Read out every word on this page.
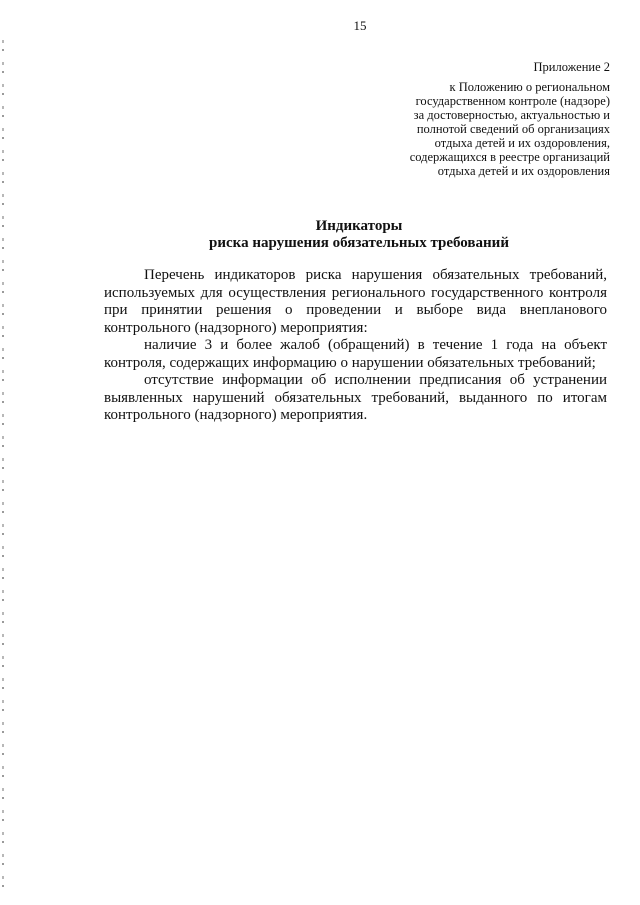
15
Приложение 2
к Положению о региональном
государственном контроле (надзоре)
за достоверностью, актуальностью и
полнотой сведений об организациях
отдыха детей и их оздоровления,
содержащихся в реестре организаций
отдыха детей и их оздоровления
Индикаторы
риска нарушения обязательных требований

Перечень индикаторов риска нарушения обязательных требований, используемых для осуществления регионального государственного контроля при принятии решения о проведении и выборе вида внепланового контрольного (надзорного) мероприятия:

наличие 3 и более жалоб (обращений) в течение 1 года на объект контроля, содержащих информацию о нарушении обязательных требований;

отсутствие информации об исполнении предписания об устранении выявленных нарушений обязательных требований, выданного по итогам контрольного (надзорного) мероприятия.
